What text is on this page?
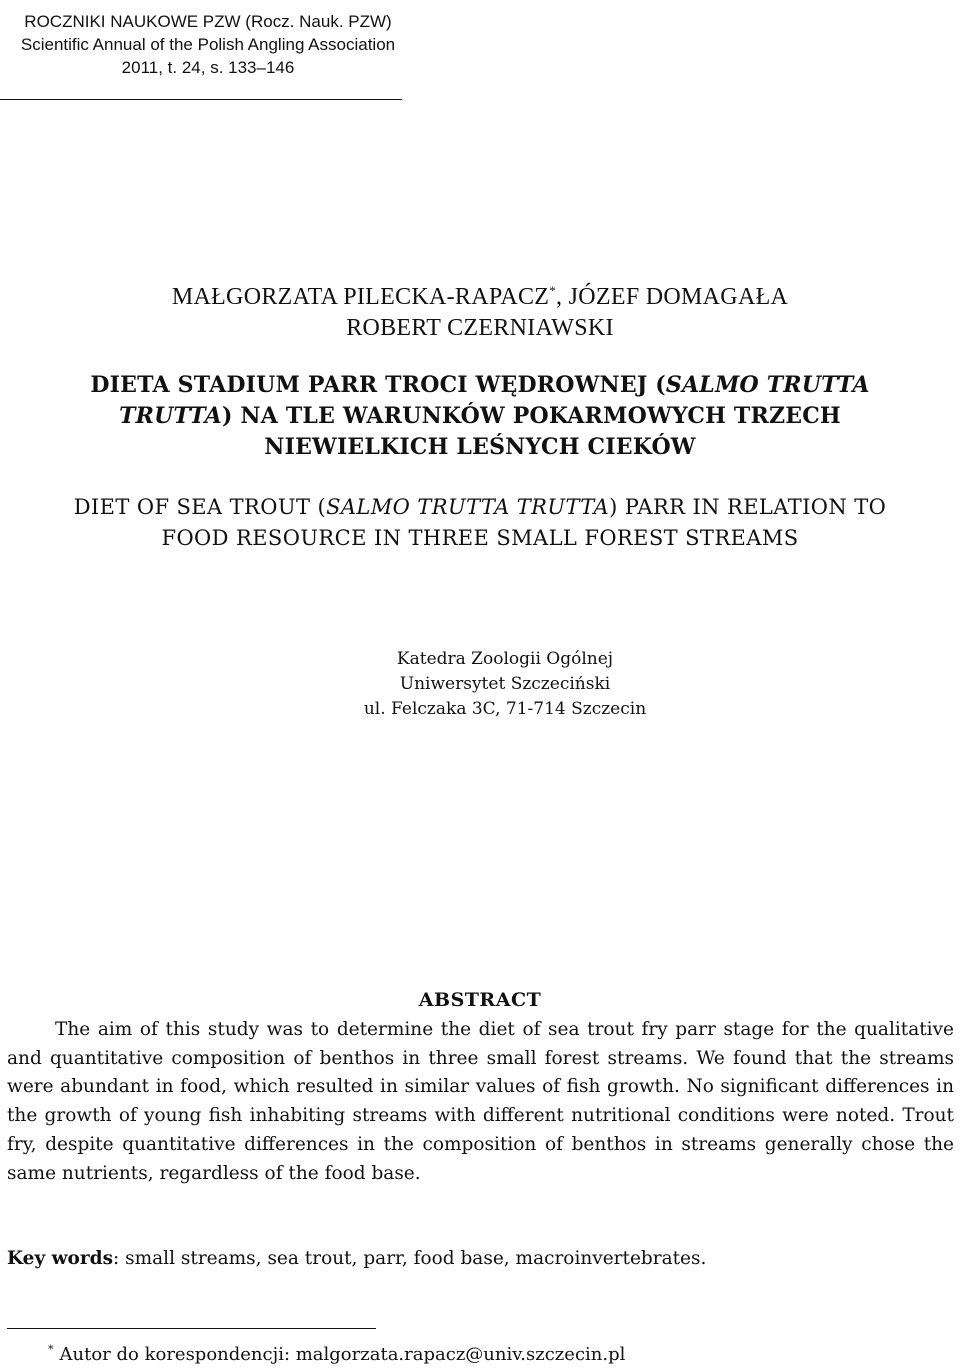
ROCZNIKI NAUKOWE PZW (Rocz. Nauk. PZW)
Scientific Annual of the Polish Angling Association
2011, t. 24, s. 133–146
MAŁGORZATA PILECKA-RAPACZ*, JÓZEF DOMAGAŁA
ROBERT CZERNIAWSKI
DIETA STADIUM PARR TROCI WĘDROWNEJ (SALMO TRUTTA
TRUTTA) NA TLE WARUNKÓW POKARMOWYCH TRZECH
NIEWIELKICH LEŚNYCH CIEKÓW
DIET OF SEA TROUT (SALMO TRUTTA TRUTTA) PARR IN RELATION TO
FOOD RESOURCE IN THREE SMALL FOREST STREAMS
Katedra Zoologii Ogólnej
Uniwersytet Szczeciński
ul. Felczaka 3C, 71-714 Szczecin
ABSTRACT

The aim of this study was to determine the diet of sea trout fry parr stage for the qualitative and quantitative composition of benthos in three small forest streams. We found that the streams were abundant in food, which resulted in similar values of fish growth. No significant differences in the growth of young fish inhabiting streams with different nutritional conditions were noted. Trout fry, despite quantitative differences in the composition of benthos in streams generally chose the same nutrients, regardless of the food base.

Key words: small streams, sea trout, parr, food base, macroinvertebrates.
* Autor do korespondencji: malgorzata.rapacz@univ.szczecin.pl
